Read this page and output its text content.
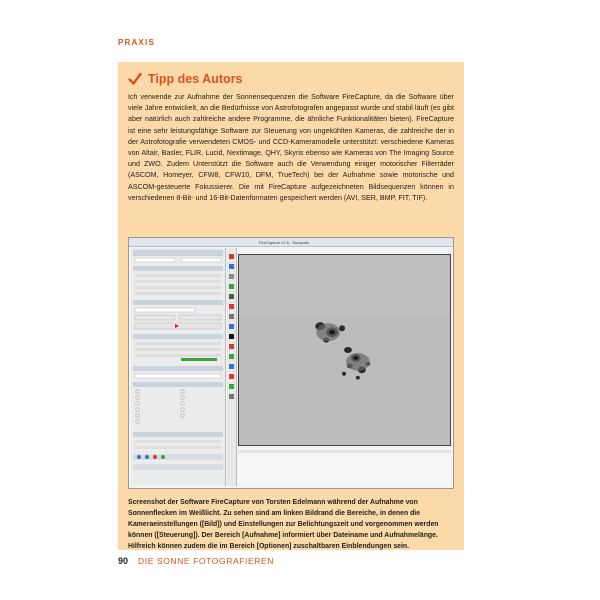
PRAXIS
Tipp des Autors
Ich verwende zur Aufnahme der Sonnensequenzen die Software FireCapture, da die Software über viele Jahre entwickelt, an die Bedürfnisse von Astrofotografen angepasst wurde und stabil läuft (es gibt aber natürlich auch zahlreiche andere Programme, die ähnliche Funktionalitäten bieten). FireCapture ist eine sehr leistungsfähige Software zur Steuerung von ungekühlten Kameras, die zahlreiche der in der Astrofotografie verwendeten CMOS- und CCD-Kameramodelle unterstützt: verschiedene Kameras von Altair, Basler, FLIR, Lucid, Nextimage, QHY, Skyris ebenso wie Kameras von The Imaging Source und ZWO. Zudem Unterstützt die Software auch die Verwendung einiger motorischer Filterräder (ASCOM, Homeyer, CFW8, CFW10, DFM, TrueTech) bei der Aufnahme sowie motorische und ASCOM-gesteuerte Fokussierer. Die mit FireCapture aufgezeichneten Bildsequenzen können in verschiedenen 8-Bit- und 16-Bit-Datenformaten gespeichert werden (AVI, SER, BMP, FIT, TIF).
FireCapture v2.6 - Sunspots
Screenshot der Software FireCapture von Torsten Edelmann während der Aufnahme von Sonnenflecken im Weißlicht. Zu sehen sind am linken Bildrand die Bereiche, in denen die Kameraeinstellungen ([Bild]) und Einstellungen zur Belichtungszeit und vorgenommen werden können ([Steuerung]). Der Bereich [Aufnahme] informiert über Dateiname und Aufnahmelänge. Hilfreich können zudem die im Bereich [Optionen] zuschaltbaren Einblendungen sein.
90 DIE SONNE FOTOGRAFIEREN
